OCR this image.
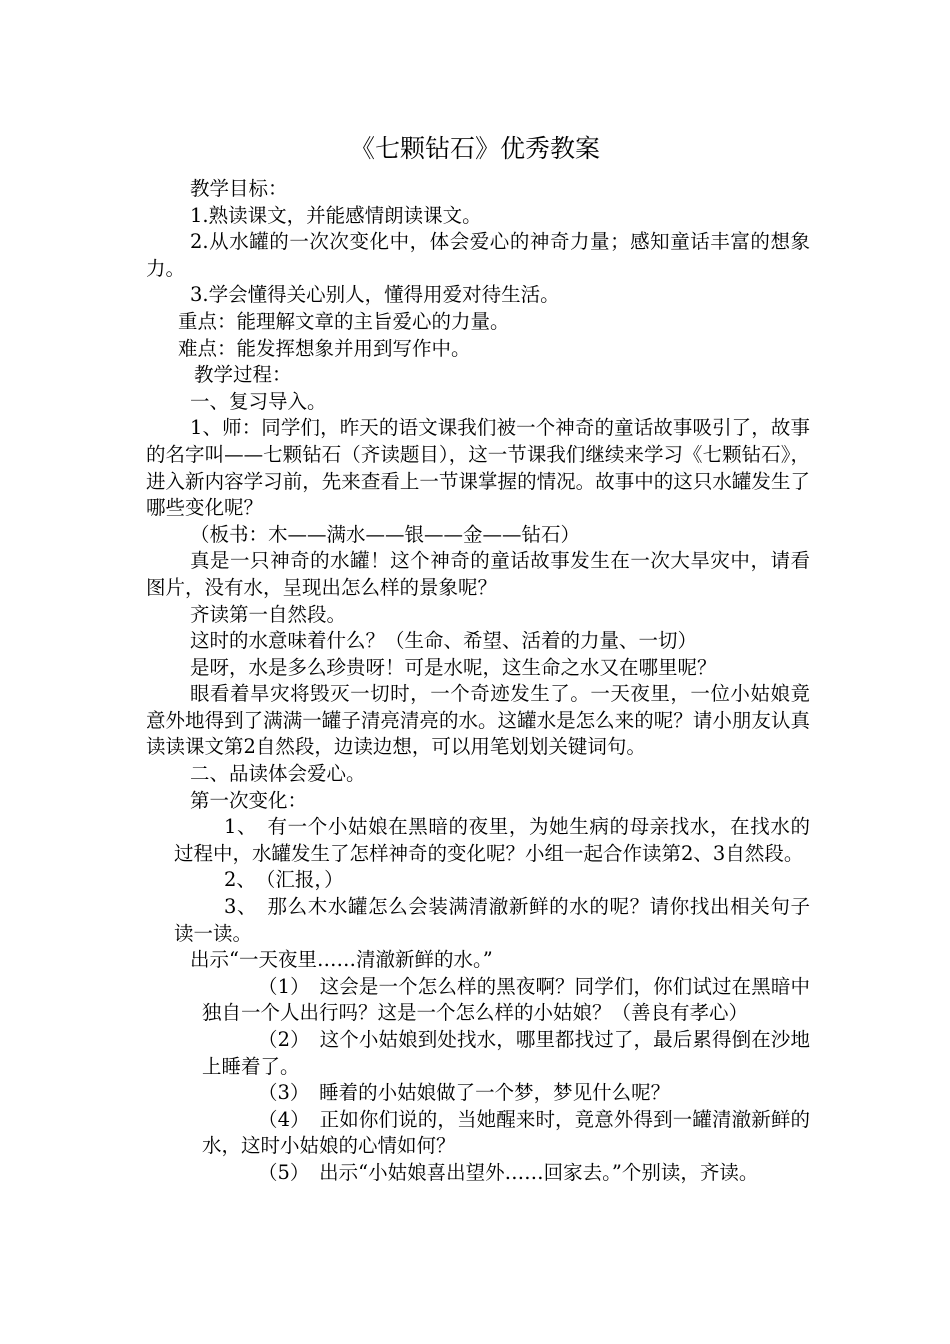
《七颗钻石》优秀教案

教学目标：

1.熟读课文，并能感情朗读课文。

2.从水罐的一次次变化中，体会爱心的神奇力量；感知童话丰富的想象力。

3.学会懂得关心别人，懂得用爱对待生活。

重点：能理解文章的主旨爱心的力量。

难点：能发挥想象并用到写作中。

教学过程：

一、复习导入。

1、师：同学们，昨天的语文课我们被一个神奇的童话故事吸引了，故事的名字叫——七颗钻石（齐读题目），这一节课我们继续来学习《七颗钻石》，进入新内容学习前，先来查看上一节课掌握的情况。故事中的这只水罐发生了哪些变化呢？

（板书：木——满水——银——金——钻石）

真是一只神奇的水罐！这个神奇的童话故事发生在一次大旱灾中，请看图片，没有水，呈现出怎么样的景象呢？

齐读第一自然段。

这时的水意味着什么？（生命、希望、活着的力量、一切）

是呀，水是多么珍贵呀！可是水呢，这生命之水又在哪里呢？

眼看着旱灾将毁灭一切时，一个奇迹发生了。一天夜里，一位小姑娘竟意外地得到了满满一罐子清亮清亮的水。这罐水是怎么来的呢？请小朋友认真读读课文第2自然段，边读边想，可以用笔划划关键词句。

二、品读体会爱心。

第一次变化：

1、　有一个小姑娘在黑暗的夜里，为她生病的母亲找水，在找水的过程中，水罐发生了怎样神奇的变化呢？小组一起合作读第2、3自然段。

2、　（汇报，）

3、　那么木水罐怎么会装满清澈新鲜的水的呢？请你找出相关句子读一读。

出示“一天夜里……清澈新鲜的水。”

（1）　这会是一个怎么样的黑夜啊？同学们，你们试过在黑暗中独自一个人出行吗？这是一个怎么样的小姑娘？（善良有孝心）

（2）　这个小姑娘到处找水，哪里都找过了，最后累得倒在沙地上睡着了。

（3）　睡着的小姑娘做了一个梦，梦见什么呢？

（4）　正如你们说的，当她醒来时，竟意外得到一罐清澈新鲜的水，这时小姑娘的心情如何？

（5）　出示“小姑娘喜出望外……回家去。”个别读，齐读。
